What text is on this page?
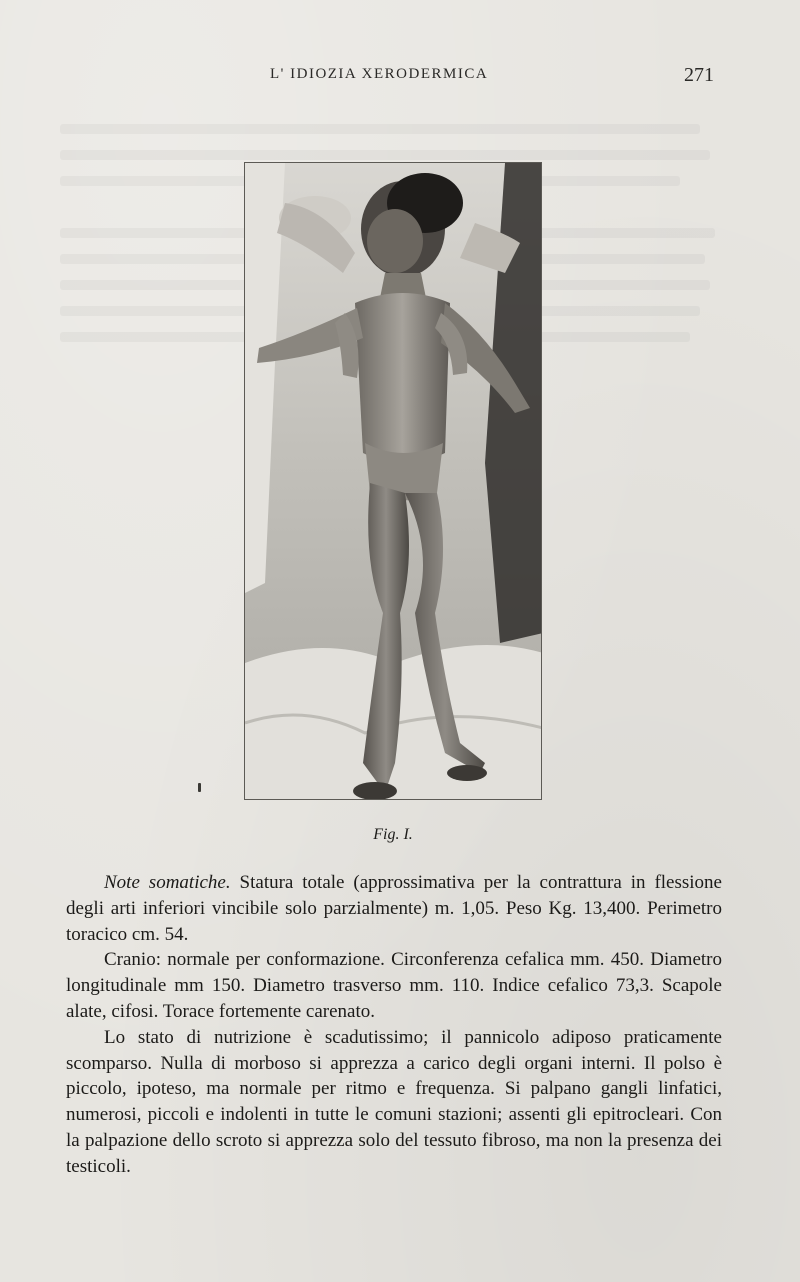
L' IDIOZIA XERODERMICA	271
Fig. I.

Note somatiche. Statura totale (approssimativa per la contrattura in flessione degli arti inferiori vincibile solo parzialmente) m. 1,05. Peso Kg. 13,400. Perimetro toracico cm. 54.

Cranio: normale per conformazione. Circonferenza cefalica mm. 450. Diametro longitudinale mm 150. Diametro trasverso mm. 110. Indice cefalico 73,3. Scapole alate, cifosi. Torace fortemente carenato.

Lo stato di nutrizione è scadutissimo; il pannicolo adiposo praticamente scomparso. Nulla di morboso si apprezza a carico degli organi interni. Il polso è piccolo, ipoteso, ma normale per ritmo e frequenza. Si palpano gangli linfatici, numerosi, piccoli e indolenti in tutte le comuni stazioni; assenti gli epitrocleari. Con la palpazione dello scroto si apprezza solo del tessuto fibroso, ma non la presenza dei testicoli.
